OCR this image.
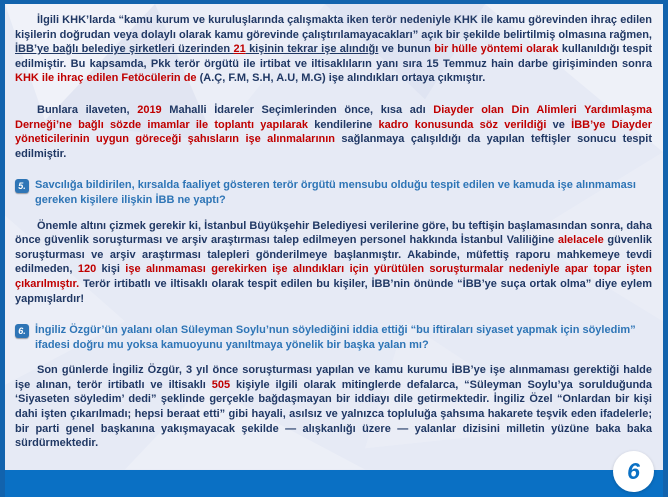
İlgili KHK’larda “kamu kurum ve kuruluşlarında çalışmakta iken terör nedeniyle KHK ile kamu görevinden ihraç edilen kişilerin doğrudan veya dolaylı olarak kamu görevinde çalıştırılamayacakları” açık bir şekilde belirtilmiş olmasına rağmen, İBB’ye bağlı belediye şirketleri üzerinden 21 kişinin tekrar işe alındığı ve bunun bir hülle yöntemi olarak kullanıldığı tespit edilmiştir. Bu kapsamda, Pkk terör örgütü ile irtibat ve iltisaklıların yanı sıra 15 Temmuz hain darbe girişiminden sonra KHK ile ihraç edilen Fetöcülerin de (A.Ç, F.M, S.H, A.U, M.G) işe alındıkları ortaya çıkmıştır.

Bunlara ilaveten, 2019 Mahalli İdareler Seçimlerinden önce, kısa adı Diayder olan Din Alimleri Yardımlaşma Derneği’ne bağlı sözde imamlar ile toplantı yapılarak kendilerine kadro konusunda söz verildiği ve İBB’ye Diayder yöneticilerinin uygun göreceği şahısların işe alınmalarının sağlanmaya çalışıldığı da yapılan teftişler sonucu tespit edilmiştir.

5. Savcılığa bildirilen, kırsalda faaliyet gösteren terör örgütü mensubu olduğu tespit edilen ve kamuda işe alınmaması gereken kişilere ilişkin İBB ne yaptı?

Önemle altını çizmek gerekir ki, İstanbul Büyükşehir Belediyesi verilerine göre, bu teftişin başlamasından sonra, daha önce güvenlik soruşturması ve arşiv araştırması talep edilmeyen personel hakkında İstanbul Valiliğine alelacele güvenlik soruşturması ve arşiv araştırması talepleri gönderilmeye başlanmıştır. Akabinde, müfettiş raporu mahkemeye tevdi edilmeden, 120 kişi işe alınmaması gerekirken işe alındıkları için yürütülen soruşturmalar nedeniyle apar topar işten çıkarılmıştır. Terör irtibatlı ve iltisaklı olarak tespit edilen bu kişiler, İBB’nin önünde “İBB’ye suça ortak olma” diye eylem yapmışlardır!

6. İngiliz Özgür’ün yalanı olan Süleyman Soylu’nun söylediğini iddia ettiği “bu iftiraları siyaset yapmak için söyledim” ifadesi doğru mu yoksa kamuoyunu yanıltmaya yönelik bir başka yalan mı?

Son günlerde İngiliz Özgür, 3 yıl önce soruşturması yapılan ve kamu kurumu İBB’ye işe alınmaması gerektiği halde işe alınan, terör irtibatlı ve iltisaklı 505 kişiyle ilgili olarak mitinglerde defalarca, “Süleyman Soylu’ya sorulduğunda ‘Siyaseten söyledim’ dedi” şeklinde gerçekle bağdaşmayan bir iddiayı dile getirmektedir. İngiliz Özel “Onlardan bir kişi dahi işten çıkarılmadı; hepsi beraat etti” gibi hayali, asılsız ve yalnızca topluluğa şahsıma hakarete teşvik eden ifadelerle; bir parti genel başkanına yakışmayacak şekilde — alışkanlığı üzere — yalanlar dizisini milletin yüzüne baka baka sürdürmektedir.

6
